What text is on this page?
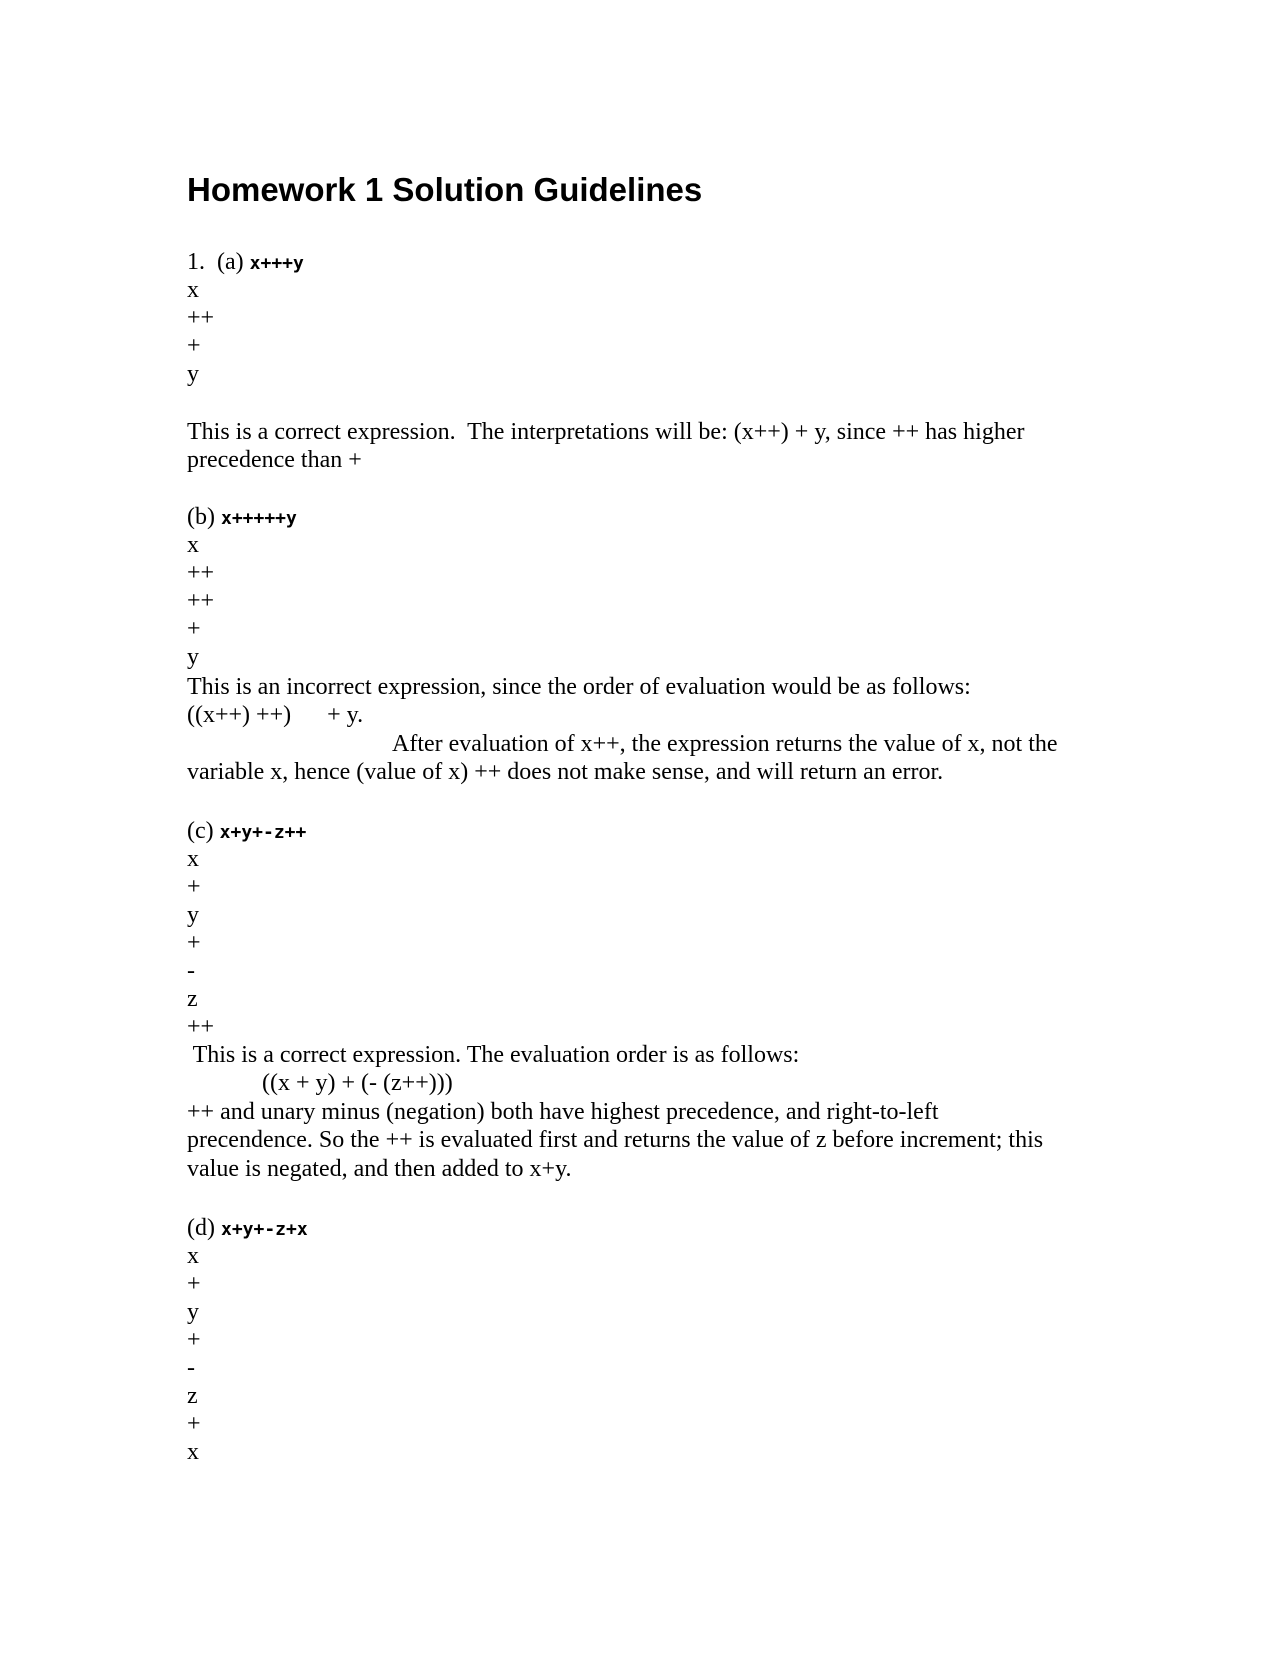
Homework 1 Solution Guidelines
1.  (a) x+++y
x
++
+
y
This is a correct expression.  The interpretations will be: (x++) + y, since ++ has higher
precedence than +
(b) x+++++y
x
++
++
+
y
This is an incorrect expression, since the order of evaluation would be as follows:
((x++) ++)      + y.
After evaluation of x++, the expression returns the value of x, not the
variable x, hence (value of x) ++ does not make sense, and will return an error.
(c) x+y+-z++
x
+
y
+
-
z
++
This is a correct expression. The evaluation order is as follows:
((x + y) + (- (z++)))
++ and unary minus (negation) both have highest precedence, and right-to-left
precendence. So the ++ is evaluated first and returns the value of z before increment; this
value is negated, and then added to x+y.
(d) x+y+-z+x
x
+
y
+
-
z
+
x
